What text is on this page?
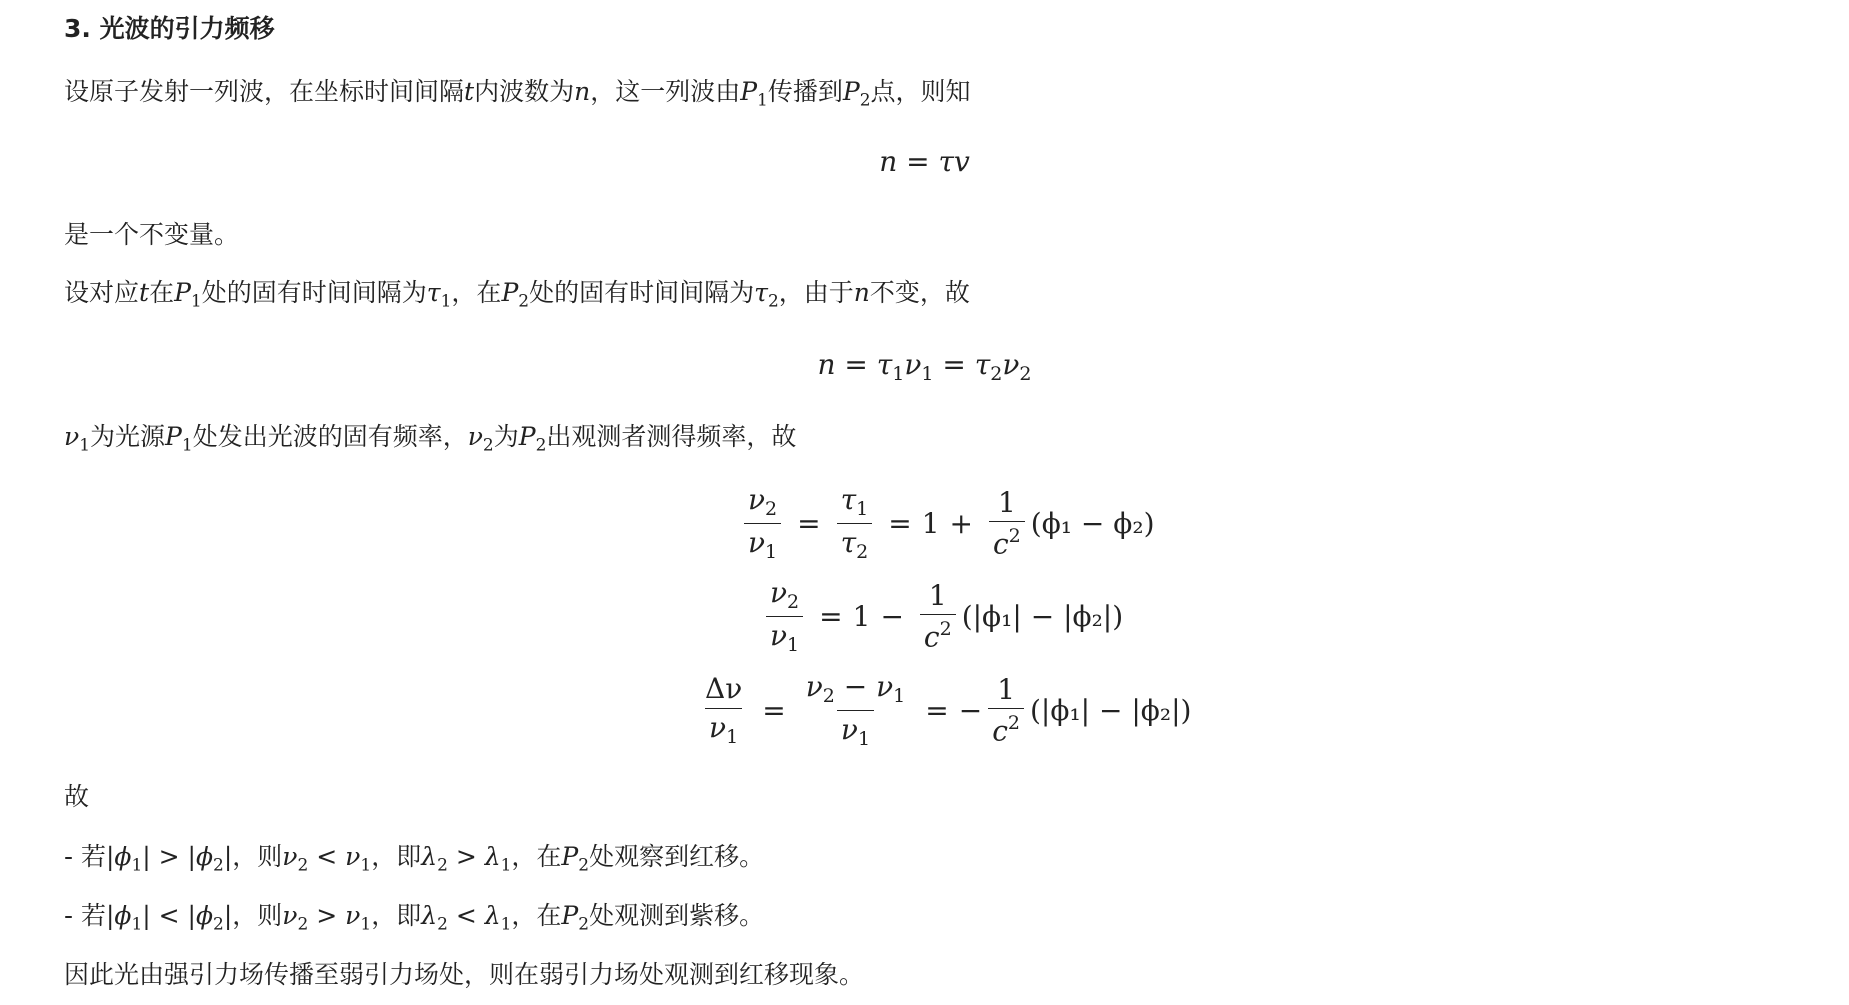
3. 光波的引力频移
设原子发射一列波，在坐标时间间隔t内波数为n，这一列波由$P_1$传播到$P_2$点，则知
n = τv
是一个不变量。
设对应t在$P_1$处的固有时间间隔为$\tau_1$，在$P_2$处的固有时间间隔为$\tau_2$，由于n不变，故
$n = \tau_1\nu_1 = \tau_2\nu_2$
$\nu_1$为光源$P_1$处发出光波的固有频率，$\nu_2$为$P_2$出观测者测得频率，故
$\frac{\nu_2}{\nu_1} = \frac{\tau_1}{\tau_2} = 1 + \frac{1}{c^2} (\phi_1 - \phi_2)$
$\frac{\nu_2}{\nu_1} = 1 - \frac{1}{c^2} (|\phi_1| - |\phi_2|)$
$\frac{\Delta\nu}{\nu_1} = \frac{\nu_2 - \nu_1}{\nu_1}$ = − $\frac{1}{c^2} (|\phi_1| - |\phi_2|)$
故
- 若$|\phi_1| > |\phi_2|$，则$\nu_2 < \nu_1$，即$\lambda_2 > \lambda_1$，在$P_2$处观察到红移。
- 若$|\phi_1| < |\phi_2|$，则$\nu_2 > \nu_1$，即$\lambda_2 < \lambda_1$，在$P_2$处观测到紫移。
因此光由强引力场传播至弱引力场处，则在弱引力场处观测到红移现象。
